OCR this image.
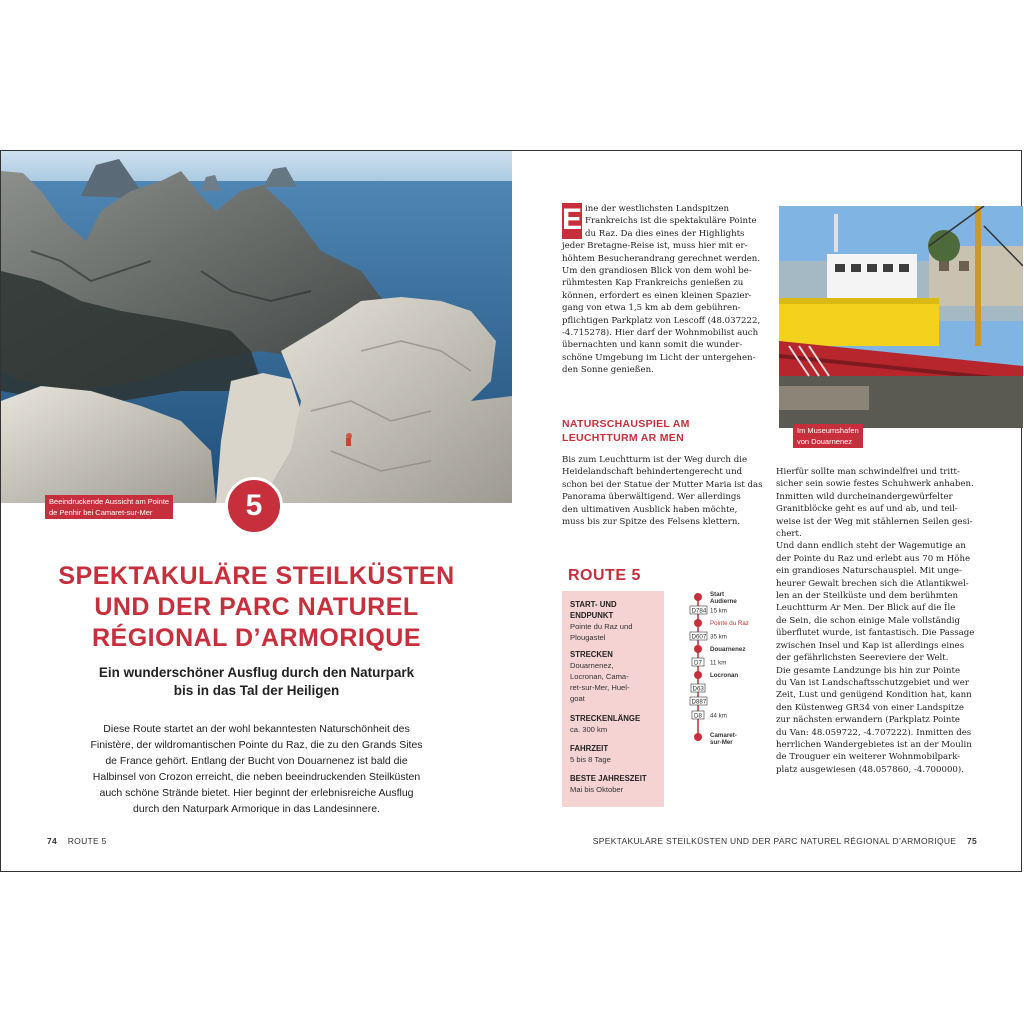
Beeindruckende Aussicht am Pointe
de Penhir bei Camaret-sur-Mer	5
SPEKTAKULÄRE STEILKÜSTEN
UND DER PARC NATUREL
RÉGIONAL D’ARMORIQUE
Ein wunderschöner Ausflug durch den Naturpark
bis in das Tal der Heiligen

Diese Route startet an der wohl bekanntesten Naturschönheit des
Finistère, der wildromantischen Pointe du Raz, die zu den Grands Sites
de France gehört. Entlang der Bucht von Douarnenez ist bald die
Halbinsel von Crozon erreicht, die neben beeindruckenden Steilküsten
auch schöne Strände bietet. Hier beginnt der erlebnisreiche Ausflug
durch den Naturpark Armorique in das Landesinnere.

74 ROUTE 5
E ine der westlichsten Landspitzen
Frankreichs ist die spektakuläre Pointe
du Raz. Da dies eines der Highlights
jeder Bretagne-Reise ist, muss hier mit er-
höhtem Besucherandrang gerechnet werden.
Um den grandiosen Blick von dem wohl be-
rühmtesten Kap Frankreichs genießen zu
können, erfordert es einen kleinen Spazier-
gang von etwa 1,5 km ab dem gebühren-
pflichtigen Parkplatz von Lescoff (48.037222,
-4.715278). Hier darf der Wohnmobilist auch
übernachten und kann somit die wunder-
schöne Umgebung im Licht der untergehen-
den Sonne genießen.
NATURSCHAUSPIEL AM
LEUCHTTURM AR MEN
Bis zum Leuchtturm ist der Weg durch die
Heidelandschaft behindertengerecht und
schon bei der Statue der Mutter Maria ist das
Panorama überwältigend. Wer allerdings
den ultimativen Ausblick haben möchte,
muss bis zur Spitze des Felsens klettern.
Im Museumshafen
von Douarnenez
Hierfür sollte man schwindelfrei und tritt-
sicher sein sowie festes Schuhwerk anhaben.
Inmitten wild durcheinandergewürfelter
Granitblöcke geht es auf und ab, und teil-
weise ist der Weg mit stählernen Seilen gesi-
chert.
Und dann endlich steht der Wagemutige an
der Pointe du Raz und erlebt aus 70 m Höhe
ein grandioses Naturschauspiel. Mit unge-
heurer Gewalt brechen sich die Atlantikwel-
len an der Steilküste und dem berühmten
Leuchtturm Ar Men. Der Blick auf die Île
de Sein, die schon einige Male vollständig
überflutet wurde, ist fantastisch. Die Passage
zwischen Insel und Kap ist allerdings eines
der gefährlichsten Seereviere der Welt.
Die gesamte Landzunge bis hin zur Pointe
du Van ist Landschaftsschutzgebiet und wer
Zeit, Lust und genügend Kondition hat, kann
den Küstenweg GR34 von einer Landspitze
zur nächsten erwandern (Parkplatz Pointe
du Van: 48.059722, -4.707222). Inmitten des
herrlichen Wandergebietes ist an der Moulin
de Trouguer ein weiterer Wohnmobilpark-
platz ausgewiesen (48.057860, -4.700000).
ROUTE 5
START- UND
ENDPUNKT
Pointe du Raz und
Plougastel
STRECKEN
Douarnenez,
Locronan, Cama-
ret-sur-Mer, Huel-
goat
STRECKENLÄNGE
ca. 300 km
FAHRZEIT
5 bis 8 Tage
BESTE JAHRESZEIT
Mai bis Oktober
Start
Audierne
D784 15 km
Pointe du Raz
D607 35 km
Douarnenez
D7 11 km
Locronan
D63
D887
D8 44 km
Camaret-
sur-Mer
SPEKTAKULÄRE STEILKÜSTEN UND DER PARC NATUREL RÉGIONAL D’ARMORIQUE 75
